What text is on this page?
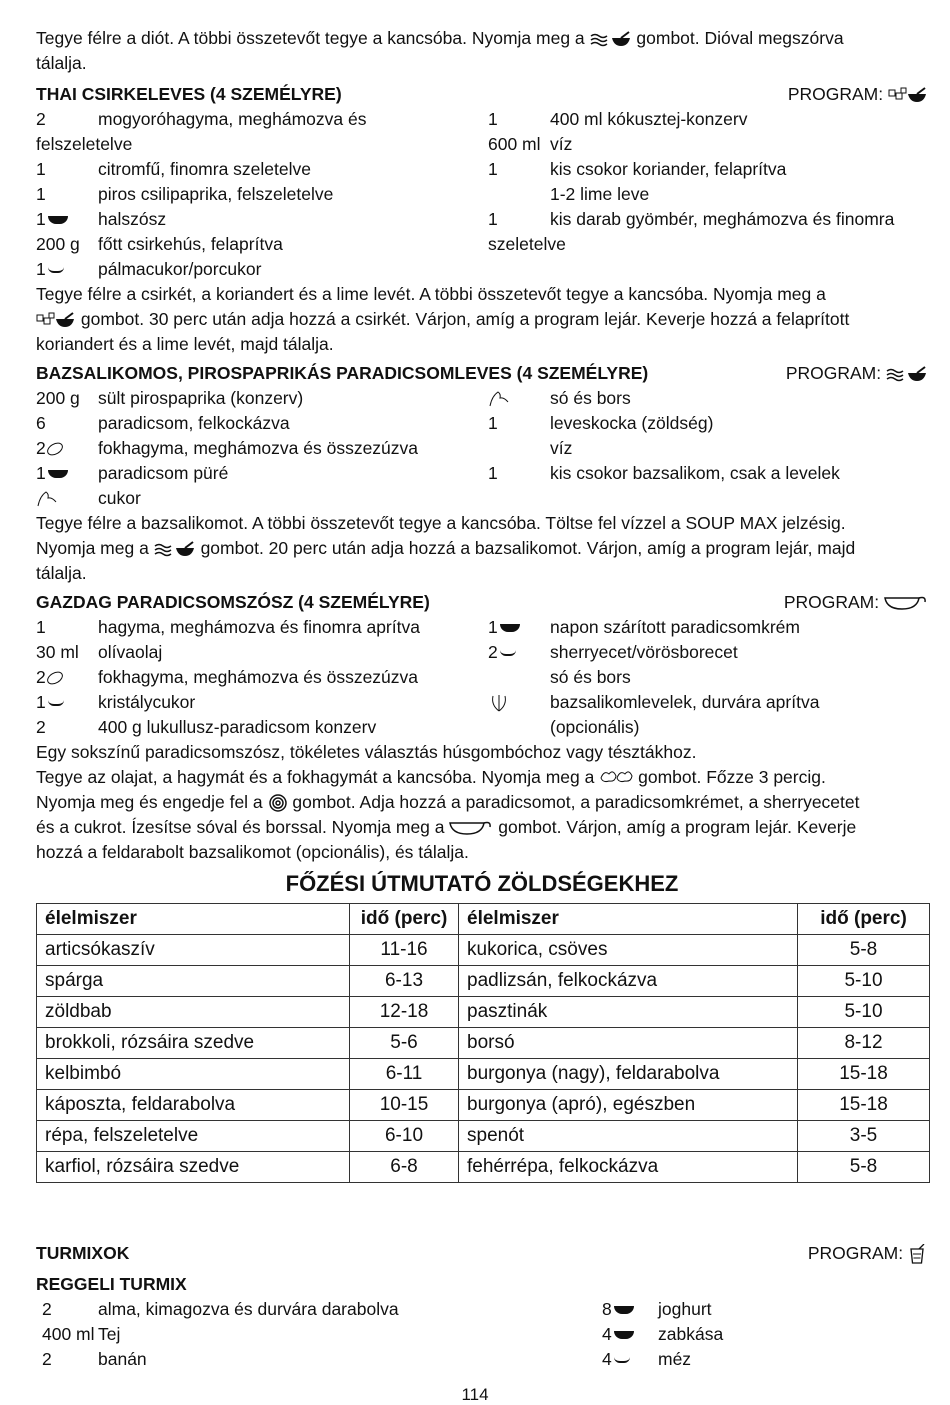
Tegye félre a diót. A többi összetevőt tegye a kancsóba. Nyomja meg a	gombot. Dióval megszórva
tálalja.

THAI CSIRKELEVES (4 SZEMÉLYRE)	PROGRAM:
2	mogyoróhagyma, meghámozva és
felszeletelve
1	citromfű, finomra szeletelve
1	piros csilipaprika, felszeletelve
1	halszósz
200 g	főtt csirkehús, felaprítva
1	pálmacukor/porcukor
1	400 ml kókusztej-konzerv
600 ml víz
1	kis csokor koriander, felaprítva
1-2 lime leve
1	kis darab gyömbér, meghámozva és finomra
szeletelve

Tegye félre a csirkét, a koriandert és a lime levét. A többi összetevőt tegye a kancsóba. Nyomja meg a
gombot. 30 perc után adja hozzá a csirkét. Várjon, amíg a program lejár. Keverje hozzá a felaprított
koriandert és a lime levét, majd tálalja.

BAZSALIKOMOS, PIROSPAPRIKÁS PARADICSOMLEVES (4 SZEMÉLYRE)	PROGRAM:
200 g	sült pirospaprika (konzerv)
6	paradicsom, felkockázva
2	fokhagyma, meghámozva és összezúzva
1	paradicsom püré
cukor
só és bors
1	leveskocka (zöldség)
víz
1	kis csokor bazsalikom, csak a levelek

Tegye félre a bazsalikomot. A többi összetevőt tegye a kancsóba. Töltse fel vízzel a SOUP MAX jelzésig.
Nyomja meg a	gombot. 20 perc után adja hozzá a bazsalikomot. Várjon, amíg a program lejár, majd
tálalja.

GAZDAG PARADICSOMSZÓSZ (4 SZEMÉLYRE)	PROGRAM:
1	hagyma, meghámozva és finomra aprítva
30 ml	olívaolaj
2	fokhagyma, meghámozva és összezúzva
1	kristálycukor
2	400 g lukullusz-paradicsom konzerv
1	napon szárított paradicsomkrém
2	sherryecet/vörösborecet
só és bors
bazsalikomlevelek, durvára aprítva
(opcionális)

Egy sokszínű paradicsomszósz, tökéletes választás húsgombóchoz vagy tésztákhoz.
Tegye az olajat, a hagymát és a fokhagymát a kancsóba. Nyomja meg a	gombot. Főzze 3 percig.
Nyomja meg és engedje fel a gombot. Adja hozzá a paradicsomot, a paradicsomkrémet, a sherryecetet
és a cukrot. Ízesítse sóval és borssal. Nyomja meg a	gombot. Várjon, amíg a program lejár. Keverje
hozzá a feldarabolt bazsalikomot (opcionális), és tálalja.

FŐZÉSI ÚTMUTATÓ ZÖLDSÉGEKHEZ
élelmiszer	idő (perc)	élelmiszer	idő (perc)
articsókaszív	11-16	kukorica, csöves	5-8
spárga	6-13	padlizsán, felkockázva	5-10
zöldbab	12-18	pasztinák	5-10
brokkoli, rózsáira szedve	5-6	borsó	8-12
kelbimbó	6-11	burgonya (nagy), feldarabolva	15-18
káposzta, feldarabolva	10-15	burgonya (apró), egészben	15-18
répa, felszeletelve	6-10	spenót	3-5
karfiol, rózsáira szedve	6-8	fehérrépa, felkockázva	5-8
TURMIXOK	PROGRAM:
REGGELI TURMIX
2	alma, kimagozva és durvára darabolva
400 ml Tej
2	banán
8	joghurt
4	zabkása
4	méz
114
